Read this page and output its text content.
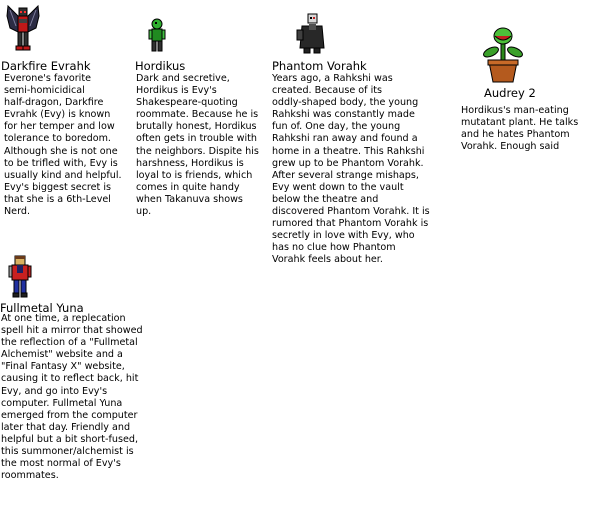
Darkfire Evrahk
Everone's favorite
semi-homicidical
half-dragon, Darkfire
Evrahk (Evy) is known
for her temper and low
tolerance to boredom.
Although she is not one
to be trifled with, Evy is
usually kind and helpful.
Evy's biggest secret is
that she is a 6th-Level
Nerd.
Hordikus
Dark and secretive,
Hordikus is Evy's
Shakespeare-quoting
roommate. Because he is
brutally honest, Hordikus
often gets in trouble with
the neighbors. Dispite his
harshness, Hordikus is
loyal to is friends, which
comes in quite handy
when Takanuva shows
up.
Phantom Vorahk
Years ago, a Rahkshi was
created. Because of its
oddly-shaped body, the young
Rahkshi was constantly made
fun of. One day, the young
Rahkshi ran away and found a
home in a theatre. This Rahkshi
grew up to be Phantom Vorahk.
After several strange mishaps,
Evy went down to the vault
below the theatre and
discovered Phantom Vorahk. It is
rumored that Phantom Vorahk is
secretly in love with Evy, who
has no clue how Phantom
Vorahk feels about her.
Audrey 2
Hordikus's man-eating
mutatant plant. He talks
and he hates Phantom
Vorahk. Enough said
Fullmetal Yuna
At one time, a replecation
spell hit a mirror that showed
the reflection of a "Fullmetal
Alchemist" website and a
"Final Fantasy X" website,
causing it to reflect back, hit
Evy, and go into Evy's
computer. Fullmetal Yuna
emerged from the computer
later that day. Friendly and
helpful but a bit short-fused,
this summoner/alchemist is
the most normal of Evy's
roommates.
